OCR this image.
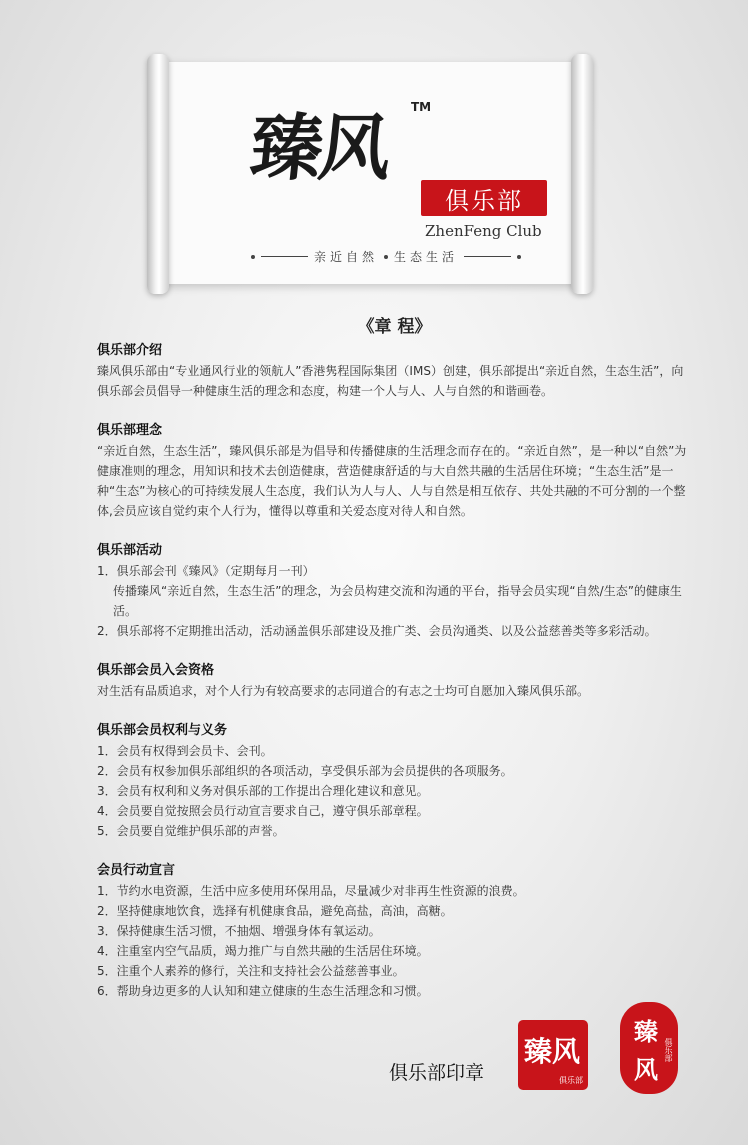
臻风 TM
俱乐部
ZhenFeng Club
亲近自然 生态生活
《章 程》
俱乐部介绍
臻风俱乐部由“专业通风行业的领航人”香港隽程国际集团（IMS）创建，俱乐部提出“亲近自然，生态生活”，向俱乐部会员倡导一种健康生活的理念和态度，构建一个人与人、人与自然的和谐画卷。
俱乐部理念
“亲近自然，生态生活”，臻风俱乐部是为倡导和传播健康的生活理念而存在的。“亲近自然”，是一种以“自然”为健康准则的理念，用知识和技术去创造健康，营造健康舒适的与大自然共融的生活居住环境；“生态生活”是一种“生态”为核心的可持续发展人生态度，我们认为人与人、人与自然是相互依存、共处共融的不可分割的一个整体,会员应该自觉约束个人行为，懂得以尊重和关爱态度对待人和自然。
俱乐部活动
1．俱乐部会刊《臻风》（定期每月一刊）
传播臻风“亲近自然，生态生活”的理念，为会员构建交流和沟通的平台，指导会员实现“自然/生态”的健康生活。
2．俱乐部将不定期推出活动，活动涵盖俱乐部建设及推广类、会员沟通类、以及公益慈善类等多彩活动。
俱乐部会员入会资格
对生活有品质追求，对个人行为有较高要求的志同道合的有志之士均可自愿加入臻风俱乐部。
俱乐部会员权利与义务
1．会员有权得到会员卡、会刊。
2．会员有权参加俱乐部组织的各项活动，享受俱乐部为会员提供的各项服务。
3．会员有权利和义务对俱乐部的工作提出合理化建议和意见。
4．会员要自觉按照会员行动宣言要求自己，遵守俱乐部章程。
5．会员要自觉维护俱乐部的声誉。
会员行动宣言
1．节约水电资源，生活中应多使用环保用品，尽量减少对非再生性资源的浪费。
2．坚持健康地饮食，选择有机健康食品，避免高盐，高油，高糖。
3．保持健康生活习惯，不抽烟、增强身体有氧运动。
4．注重室内空气品质，竭力推广与自然共融的生活居住环境。
5．注重个人素养的修行，关注和支持社会公益慈善事业。
6．帮助身边更多的人认知和建立健康的生态生活理念和习惯。
俱乐部印章
臻风
俱乐部
臻
风
俱乐部
